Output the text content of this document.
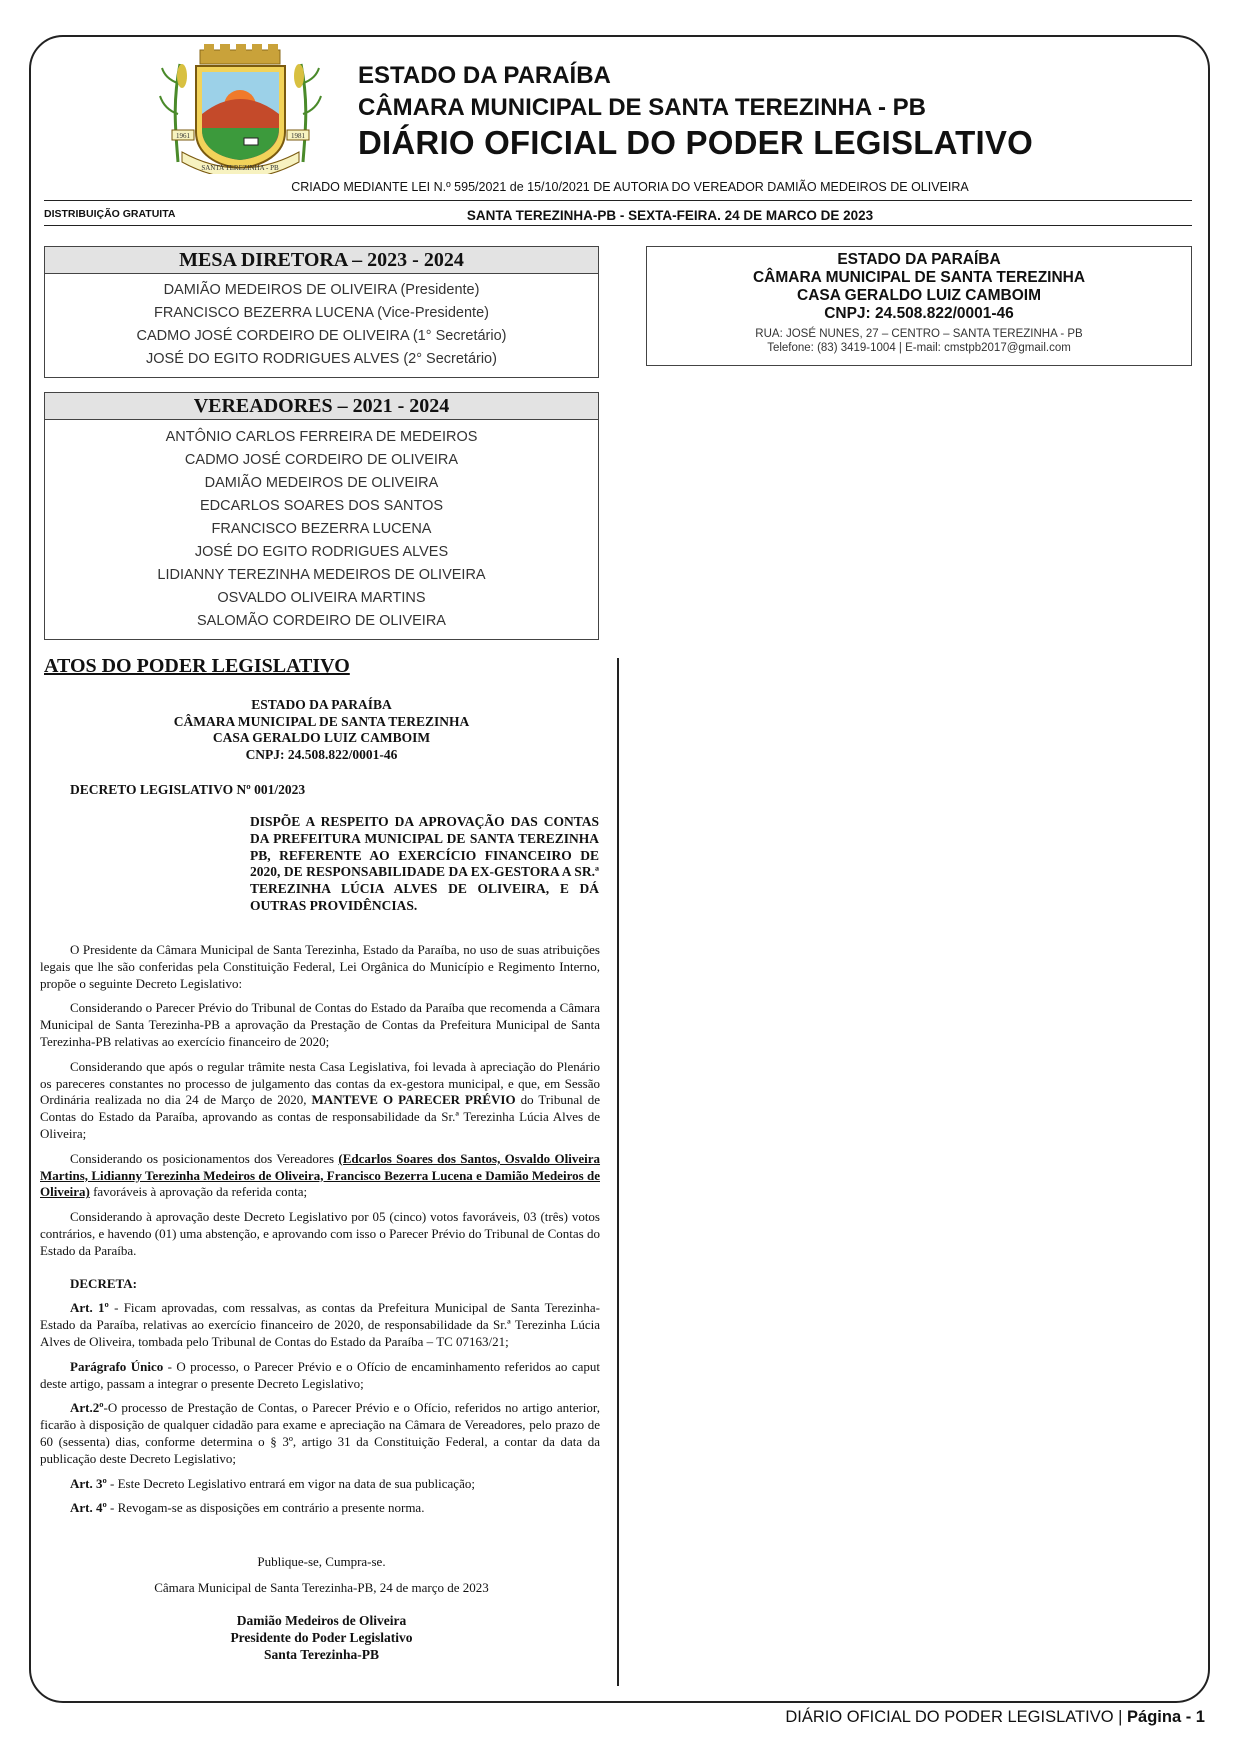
SANTA TEREZINHA - PB
1961	1981
ESTADO DA PARAÍBA
CÂMARA MUNICIPAL DE SANTA TEREZINHA - PB
DIÁRIO OFICIAL DO PODER LEGISLATIVO
CRIADO MEDIANTE LEI N.º 595/2021 de 15/10/2021 DE AUTORIA DO VEREADOR DAMIÃO MEDEIROS DE OLIVEIRA
DISTRIBUIÇÃO GRATUITA	SANTA TEREZINHA-PB - SEXTA-FEIRA. 24 DE MARCO DE 2023
MESA DIRETORA – 2023 - 2024
DAMIÃO MEDEIROS DE OLIVEIRA (Presidente)
FRANCISCO BEZERRA LUCENA (Vice-Presidente)
CADMO JOSÉ CORDEIRO DE OLIVEIRA (1° Secretário)
JOSÉ DO EGITO RODRIGUES ALVES (2° Secretário)
VEREADORES – 2021 - 2024
ANTÔNIO CARLOS FERREIRA DE MEDEIROS
CADMO JOSÉ CORDEIRO DE OLIVEIRA
DAMIÃO MEDEIROS DE OLIVEIRA
EDCARLOS SOARES DOS SANTOS
FRANCISCO BEZERRA LUCENA
JOSÉ DO EGITO RODRIGUES ALVES
LIDIANNY TEREZINHA MEDEIROS DE OLIVEIRA
OSVALDO OLIVEIRA MARTINS
SALOMÃO CORDEIRO DE OLIVEIRA
ESTADO DA PARAÍBA
CÂMARA MUNICIPAL DE SANTA TEREZINHA
CASA GERALDO LUIZ CAMBOIM
CNPJ: 24.508.822/0001-46
RUA: JOSÉ NUNES, 27 – CENTRO – SANTA TEREZINHA - PB
Telefone: (83) 3419-1004 | E-mail: cmstpb2017@gmail.com
ATOS DO PODER LEGISLATIVO
ESTADO DA PARAÍBA
CÂMARA MUNICIPAL DE SANTA TEREZINHA
CASA GERALDO LUIZ CAMBOIM
CNPJ: 24.508.822/0001-46
DECRETO LEGISLATIVO Nº 001/2023
DISPÕE A RESPEITO DA APROVAÇÃO DAS CONTAS DA PREFEITURA MUNICIPAL DE SANTA TEREZINHA PB, REFERENTE AO EXERCÍCIO FINANCEIRO DE 2020, DE RESPONSABILIDADE DA EX-GESTORA A SR.ª TEREZINHA LÚCIA ALVES DE OLIVEIRA, E DÁ OUTRAS PROVIDÊNCIAS.

O Presidente da Câmara Municipal de Santa Terezinha, Estado da Paraíba, no uso de suas atribuições legais que lhe são conferidas pela Constituição Federal, Lei Orgânica do Município e Regimento Interno, propõe o seguinte Decreto Legislativo:

Considerando o Parecer Prévio do Tribunal de Contas do Estado da Paraíba que recomenda a Câmara Municipal de Santa Terezinha-PB a aprovação da Prestação de Contas da Prefeitura Municipal de Santa Terezinha-PB relativas ao exercício financeiro de 2020;

Considerando que após o regular trâmite nesta Casa Legislativa, foi levada à apreciação do Plenário os pareceres constantes no processo de julgamento das contas da ex-gestora municipal, e que, em Sessão Ordinária realizada no dia 24 de Março de 2020, MANTEVE O PARECER PRÉVIO do Tribunal de Contas do Estado da Paraíba, aprovando as contas de responsabilidade da Sr.ª Terezinha Lúcia Alves de Oliveira;

Considerando os posicionamentos dos Vereadores (Edcarlos Soares dos Santos, Osvaldo Oliveira Martins, Lidianny Terezinha Medeiros de Oliveira, Francisco Bezerra Lucena e Damião Medeiros de Oliveira) favoráveis à aprovação da referida conta;

Considerando à aprovação deste Decreto Legislativo por 05 (cinco) votos favoráveis, 03 (três) votos contrários, e havendo (01) uma abstenção, e aprovando com isso o Parecer Prévio do Tribunal de Contas do Estado da Paraíba.

DECRETA:

Art. 1º - Ficam aprovadas, com ressalvas, as contas da Prefeitura Municipal de Santa Terezinha-Estado da Paraíba, relativas ao exercício financeiro de 2020, de responsabilidade da Sr.ª Terezinha Lúcia Alves de Oliveira, tombada pelo Tribunal de Contas do Estado da Paraíba – TC 07163/21;

Parágrafo Único - O processo, o Parecer Prévio e o Ofício de encaminhamento referidos ao caput deste artigo, passam a integrar o presente Decreto Legislativo;

Art.2º-O processo de Prestação de Contas, o Parecer Prévio e o Ofício, referidos no artigo anterior, ficarão à disposição de qualquer cidadão para exame e apreciação na Câmara de Vereadores, pelo prazo de 60 (sessenta) dias, conforme determina o § 3º, artigo 31 da Constituição Federal, a contar da data da publicação deste Decreto Legislativo;

Art. 3º - Este Decreto Legislativo entrará em vigor na data de sua publicação;

Art. 4º - Revogam-se as disposições em contrário a presente norma.

Publique-se, Cumpra-se.
Câmara Municipal de Santa Terezinha-PB, 24 de março de 2023
Damião Medeiros de Oliveira
Presidente do Poder Legislativo
Santa Terezinha-PB
DIÁRIO OFICIAL DO PODER LEGISLATIVO | Página - 1
